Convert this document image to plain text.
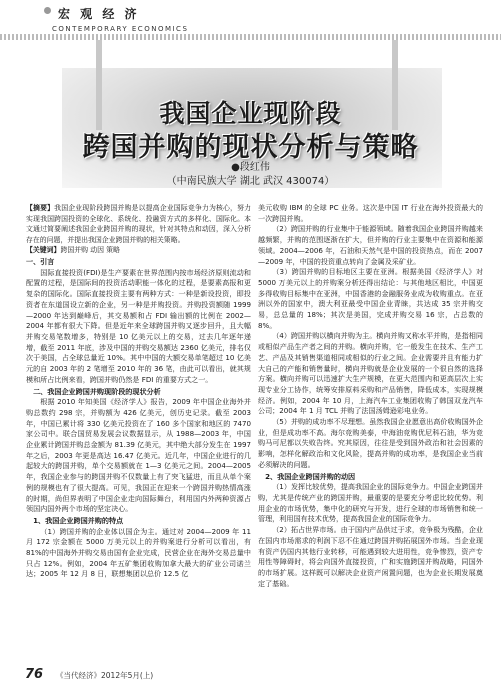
宏 观 经 济
CONTEMPORARY ECONOMICS
我国企业现阶段
跨国并购的现状分析与策略
●段红伟
（中南民族大学 湖北 武汉 430074）

【摘要】我国企业现阶段跨国并购是以提高企业国际竞争力为核心，努力实现我国跨国投资的全球化、系统化、投融资方式的多样化、国际化。本文通过简要阐述我国企业跨国并购的现状，针对其特点和动因，深入分析存在的问题，并提出我国企业跨国并购的相关策略。

【关键词】跨国并购 动因 策略

一、引言

国际直接投资(FDI)是生产要素在世界范围内按市场经济原则流动和配置的过程，是国际间的投资活动职能一体化的过程，是要素高报和更复杂的国际化。国际直接投资主要有两种方式：一种是新设投资，即投资者在东道国设立新的企业，另一种是并购投资。并购投资额随 1999—2000 年达到巅峰后，其交易额和占 FDI 输出额的比例在 2002—2004 年都有很大下降。但是近年来全球跨国并购又逐步回升，且大幅并购交易笔数增多，特别是 10 亿美元以上的交易，过去几年逐年递增，截至 2011 年底，涉及中国的并购交易额达 2360 亿美元，排名仅次于美国，占全球总量近 10%。其中中国的大额交易单笔超过 10 亿美元的自 2003 年的 2 笔增至 2010 年的 36 笔，由此可以看出，就其规模和所占比例来看，跨国并购仍然是 FDI 的重要方式之一。

二、我国企业跨国并购现阶段的现状分析

根据 2010 年知美国《经济学人》报告，2009 年中国企业海外并购总数约 298 宗，并购额为 426 亿美元，创历史记录。截至 2003 年，中国已累计将 330 亿美元投资在了 160 多个国家和地区的 7470 家公司中。联合国贸易发展会议数据显示，从 1988—2003 年，中国企业累计跨国并购总金额为 81.39 亿美元，其中绝大部分发生在 1997 年之后，2003 年更是高达 16.47 亿美元。近几年，中国企业进行的几起较大的跨国并购，单个交易额就在 1—3 亿美元之间。2004—2005 年，我国企业参与的跨国并购不仅数量上有了突飞猛进，而且从单个案例的规模也有了很大提高。可见，我国正在迎来一个跨国并购热情高涨的时期，尚但界表明了中国企业走向国际舞台，利用国内外两种资源占领国内国外两个市场的坚定决心。

1、我国企业跨国并购的特点

（1）跨国并购的企业体以国企为主。通过对 2004—2009 年 11 月 172 宗金额在 5000 万美元以上的并购案进行分析可以看出，有 81%的中国海外并购交易由国有企业完成，民营企业在海外交易总量中只占 12%。例如，2004 年五矿集团收购加拿大最大的矿业公司诺兰达；2005 年 12 月 8 日，联想集团以总价 12.5 亿

美元收购 IBM 的全球 PC 业务。这次是中国 IT 行业在海外投资最大的一次跨国并购。

（2）跨国并购的行业集中于能源领域。随着我国企业跨国并购越来越频繁，并购的范围逐渐在扩大，但并购的行业主要集中在资源和能源领域。2004—2006 年，石油和天然气是中国的投资热点，而在 2007—2009 年，中国的投资重点转向了金属及采矿业。

（3）跨国并购的目标地区主要在亚洲。根据美国《经济学人》对 5000 万美元以上的并购案分析还得出结论：与其他地区相比，中国更多得收购目标集中在亚洲，中国香港的金融服务业成为收购重点。在亚洲以外的国家中，澳大利亚最受中国企业青睐，共达成 35 宗并购交易，总总量的 18%；其次是美国，完成并购交易 16 宗，占总数的 8%。

（4）跨国并购以横向并购为主。横向并购又称水平并购，是指相同或相似产品生产者之间的并购。横向并购，它一般发生在技术、生产工艺、产品及其销售渠道相同或相似的行业之间。企业需要并且有能力扩大自己的产能和销售量时，横向并购就是企业发展的一个很自然的选择方案。横向并购可以迅速扩大生产规模，在更大范围内和更高层次上实现专业分工协作，统筹安排原料采购和产品销售，降低成本，实现规模经济。例如，2004 年 10 月，上海汽车工业集团收购了韩国双龙汽车公司；2004 年 1 月 TCL 并购了法国汤姆逊彩电业务。

（5）并购的成功率不尽理想。虽然我国企业愿意出高价收购国外企业，但是成功率不高。海尔竞购美泰，中海油竞购优尼科石油，华为竞购马可尼都以失败告终。究其原因，往往是受到国外政治和社会因素的影响，怎样化解政治和文化风险，提高并购的成功率，是我国企业当前必须解决的问题。

2、我国企业跨国并购的动因

（1）发挥比较优势，提高我国企业的国际竞争力。中国企业跨国并购，尤其是传统产业的跨国并购，最重要的是要充分考虑比较优势。利用企业的市场优势，集中化的研究与开发，进行全球的市场销售和统一管理，利用国有技术优势，提高我国企业的国际竞争力。

（2）拓占世界市场。由于国内产品供过于求，竞争极为残酷，企业在国内市场需求的利润下忍不住通过跨国并购拓展国外市场。当企业现有资产仍国内其他行业转移，可能遇到较大进用性，竞争惨烈，资产专用性等障碍时，将会向国外直接投资，广和实施跨国并购战略，同国外的市场扩展。这样既可以解决企业资产闲置问题，也为企业长期发展奠定了基础。

76 《当代经济》2012年5月(上)
